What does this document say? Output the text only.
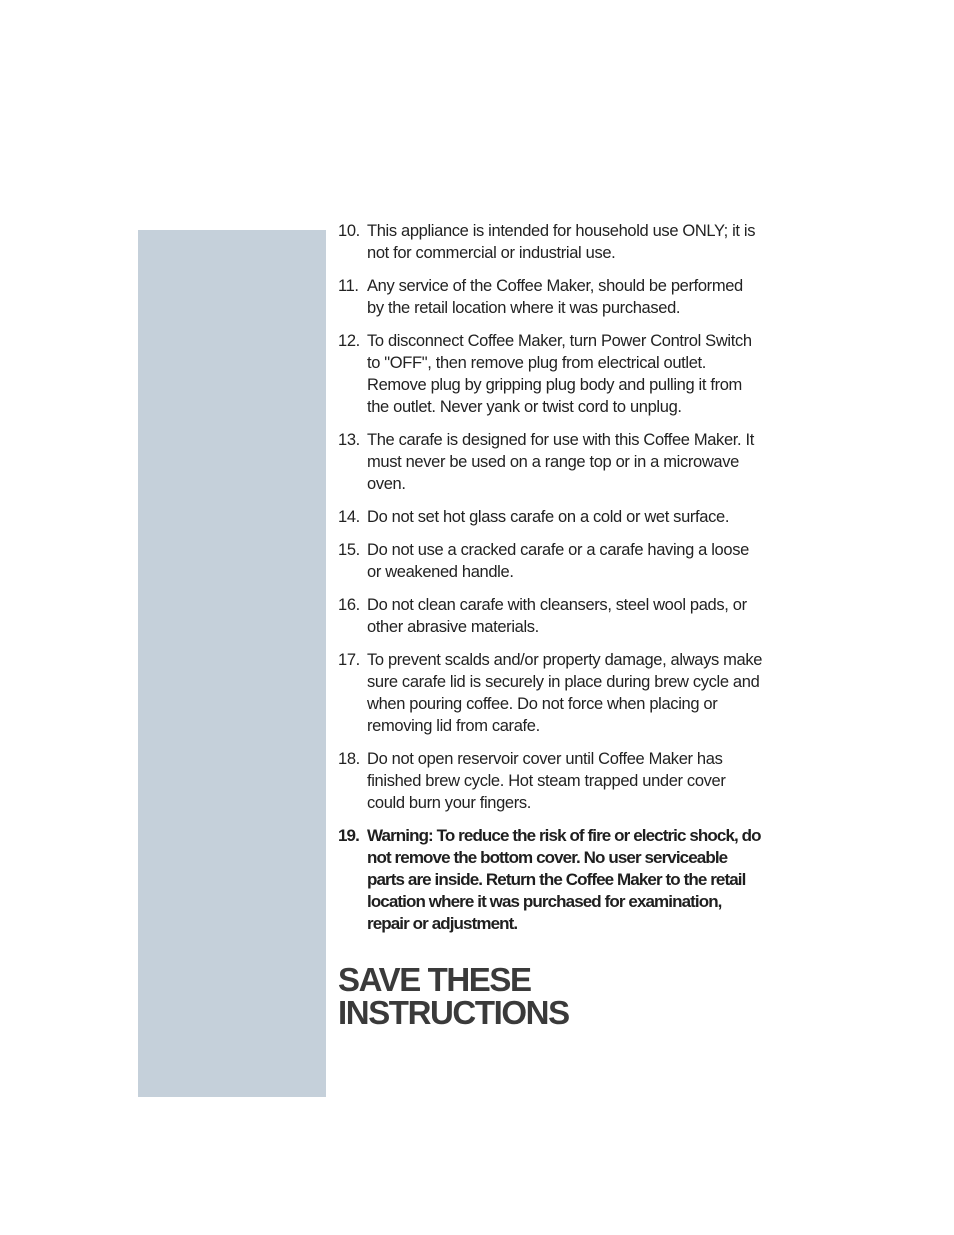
10. This appliance is intended for household use ONLY; it is not for commercial or industrial use.
11. Any service of the Coffee Maker, should be performed by the retail location where it was purchased.
12. To disconnect Coffee Maker, turn Power Control Switch to "OFF", then remove plug from electrical outlet. Remove plug by gripping plug body and pulling it from the outlet. Never yank or twist cord to unplug.
13. The carafe is designed for use with this Coffee Maker. It must never be used on a range top or in a microwave oven.
14. Do not set hot glass carafe on a cold or wet surface.
15. Do not use a cracked carafe or a carafe having a loose or weakened handle.
16. Do not clean carafe with cleansers, steel wool pads, or other abrasive materials.
17. To prevent scalds and/or property damage, always make sure carafe lid is securely in place during brew cycle and when pouring coffee. Do not force when placing or removing lid from carafe.
18. Do not open reservoir cover until Coffee Maker has finished brew cycle. Hot steam trapped under cover could burn your fingers.
19. Warning: To reduce the risk of fire or electric shock, do not remove the bottom cover. No user serviceable parts are inside. Return the Coffee Maker to the retail location where it was purchased for examination, repair or adjustment.
SAVE THESE
INSTRUCTIONS
